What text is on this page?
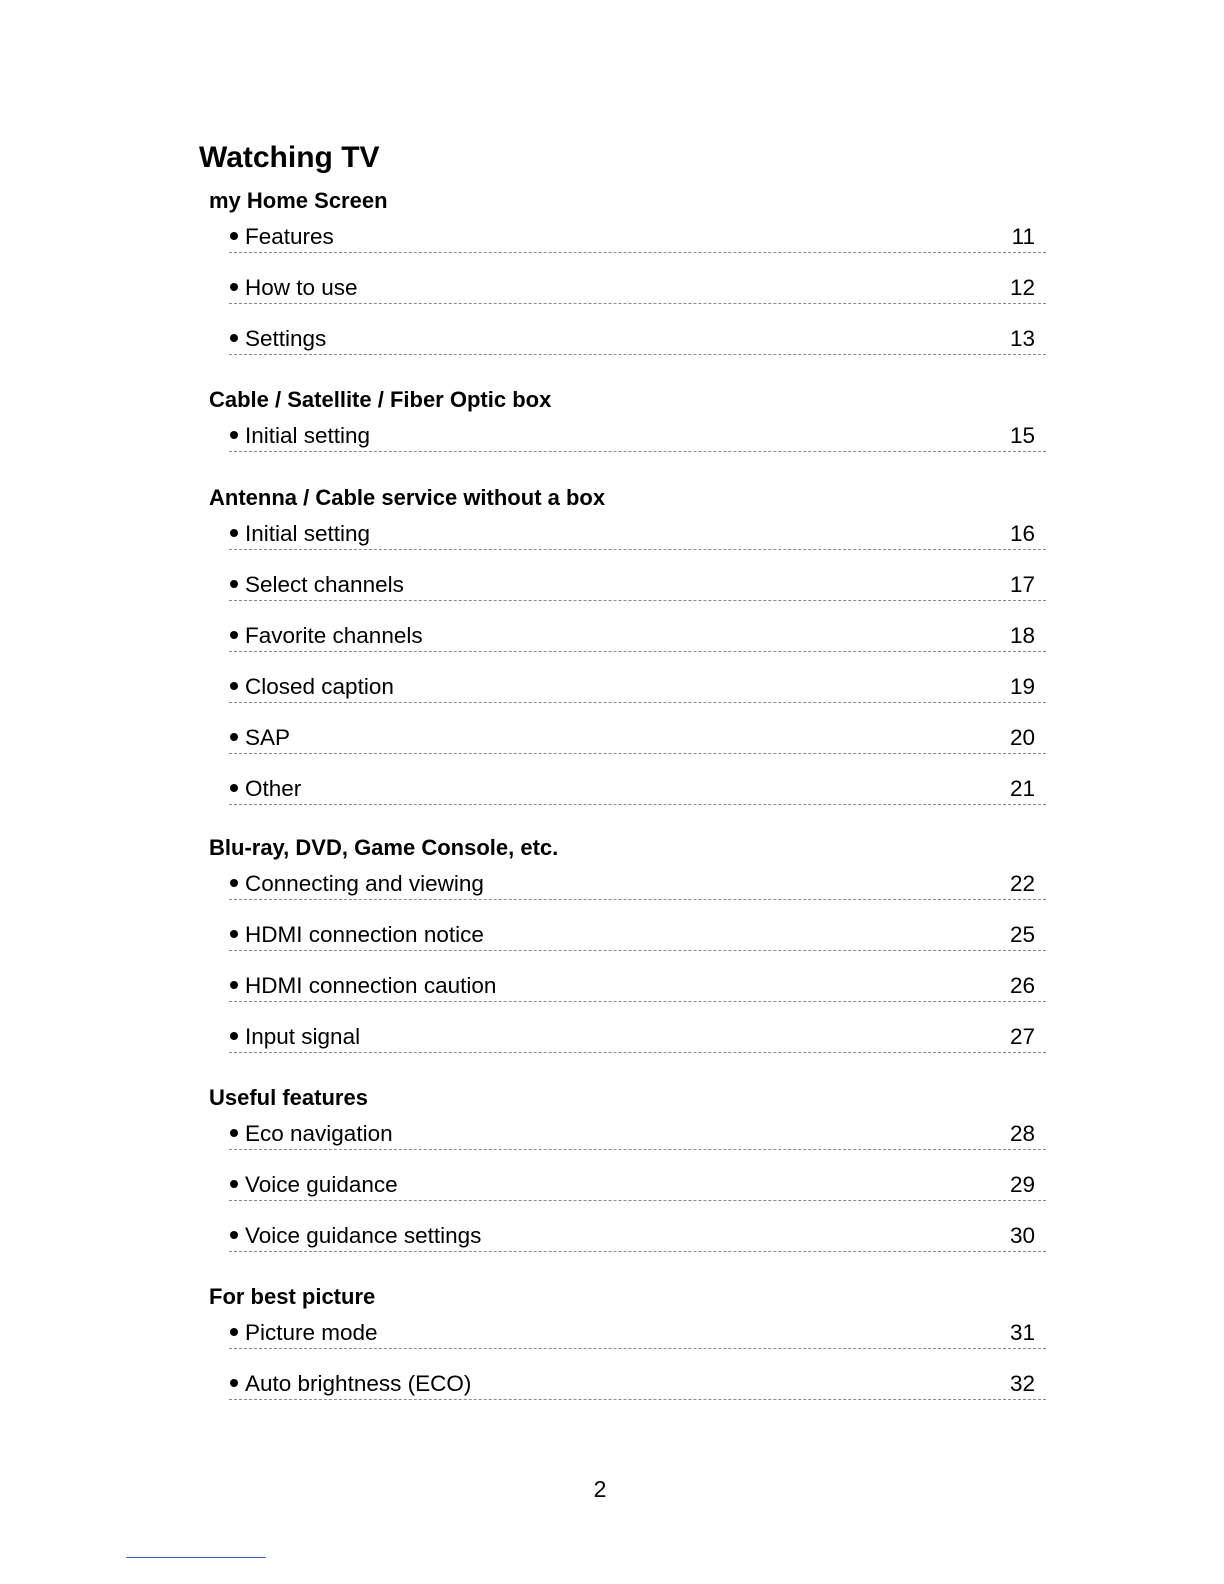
Watching TV
my Home Screen
Features	11
How to use	12
Settings	13
Cable / Satellite / Fiber Optic box
Initial setting	15
Antenna / Cable service without a box
Initial setting	16
Select channels	17
Favorite channels	18
Closed caption	19
SAP	20
Other	21
Blu-ray, DVD, Game Console, etc.
Connecting and viewing	22
HDMI connection notice	25
HDMI connection caution	26
Input signal	27
Useful features
Eco navigation	28
Voice guidance	29
Voice guidance settings	30
For best picture
Picture mode	31
Auto brightness (ECO)	32
2
